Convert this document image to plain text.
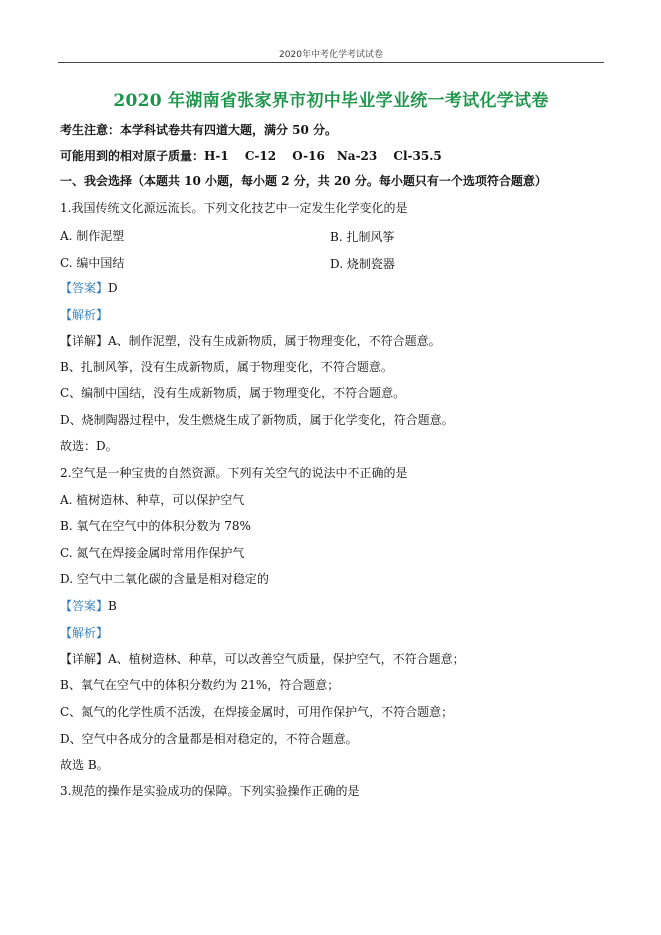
2020年中考化学考试试卷
2020 年湖南省张家界市初中毕业学业统一考试化学试卷
考生注意：本学科试卷共有四道大题，满分 50 分。
可能用到的相对原子质量：H-1　 C-12　 O-16　Na-23　 Cl-35.5
一、我会选择（本题共 10 小题，每小题 2 分，共 20 分。每小题只有一个选项符合题意）
1.我国传统文化源远流长。下列文化技艺中一定发生化学变化的是
A. 制作泥塑	B. 扎制风筝
C. 编中国结	D. 烧制瓷器
【答案】D
【解析】
【详解】A、制作泥塑，没有生成新物质，属于物理变化，不符合题意。
B、扎制风筝，没有生成新物质，属于物理变化，不符合题意。
C、编制中国结，没有生成新物质，属于物理变化，不符合题意。
D、烧制陶器过程中，发生燃烧生成了新物质，属于化学变化，符合题意。
故选：D。
2.空气是一种宝贵的自然资源。下列有关空气的说法中不正确的是
A. 植树造林、种草，可以保护空气
B. 氧气在空气中的体积分数为 78%
C. 氮气在焊接金属时常用作保护气
D. 空气中二氧化碳的含量是相对稳定的
【答案】B
【解析】
【详解】A、植树造林、种草，可以改善空气质量，保护空气，不符合题意；
B、氧气在空气中的体积分数约为 21%，符合题意；
C、氮气的化学性质不活泼，在焊接金属时，可用作保护气，不符合题意；
D、空气中各成分的含量都是相对稳定的，不符合题意。
故选 B。
3.规范的操作是实验成功的保障。下列实验操作正确的是
